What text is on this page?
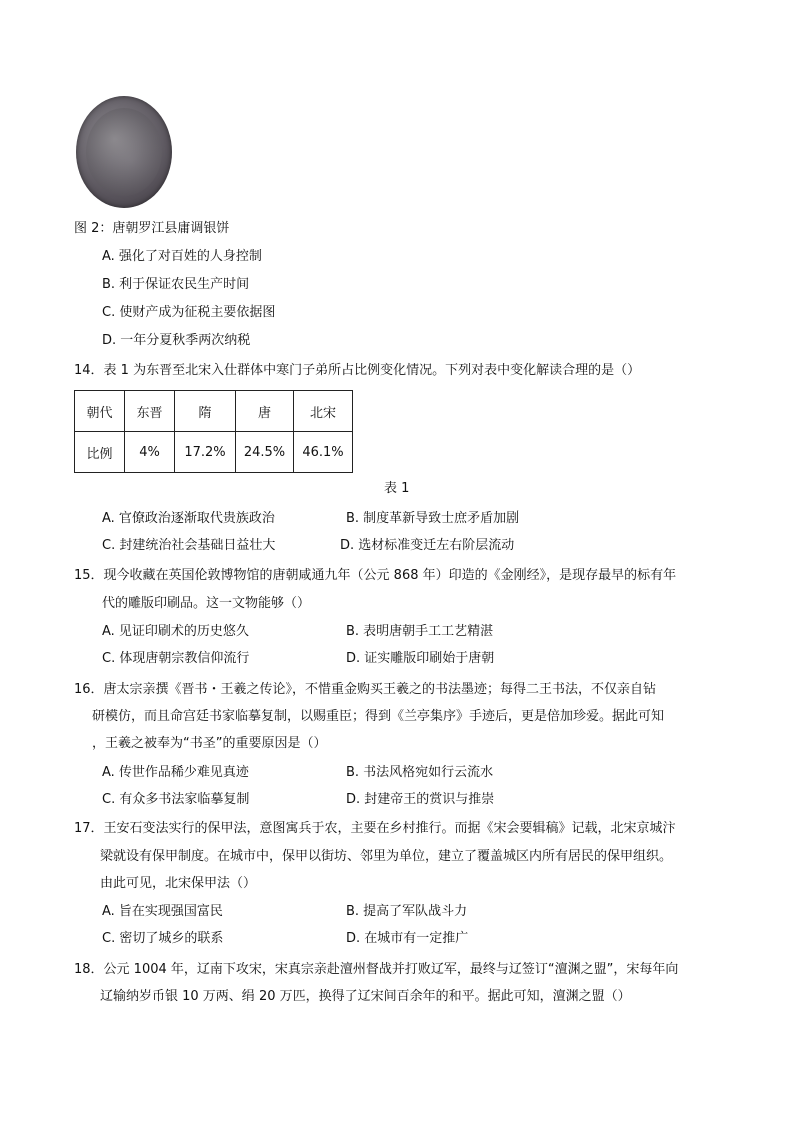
图 2：唐朝罗江县庸调银饼
A. 强化了对百姓的人身控制
B. 利于保证农民生产时间
C. 使财产成为征税主要依据图
D. 一年分夏秋季两次纳税
14．表 1 为东晋至北宋入仕群体中寒门子弟所占比例变化情况。下列对表中变化解读合理的是（）
朝代	东晋	隋	唐	北宋
比例	4%	17.2%	24.5%	46.1%
表 1
A. 官僚政治逐渐取代贵族政治	B. 制度革新导致士庶矛盾加剧
C. 封建统治社会基础日益壮大	D. 选材标准变迁左右阶层流动
15．现今收藏在英国伦敦博物馆的唐朝咸通九年（公元 868 年）印造的《金刚经》，是现存最早的标有年
代的雕版印刷品。这一文物能够（）
A. 见证印刷术的历史悠久	B. 表明唐朝手工工艺精湛
C. 体现唐朝宗教信仰流行	D. 证实雕版印刷始于唐朝
16．唐太宗亲撰《晋书・王羲之传论》，不惜重金购买王羲之的书法墨迹；每得二王书法，不仅亲自钻
研模仿，而且命宫廷书家临摹复制，以赐重臣；得到《兰亭集序》手迹后，更是倍加珍爱。据此可知
，王羲之被奉为“书圣”的重要原因是（）
A. 传世作品稀少难见真迹	B. 书法风格宛如行云流水
C. 有众多书法家临摹复制	D. 封建帝王的赏识与推崇
17．王安石变法实行的保甲法，意图寓兵于农，主要在乡村推行。而据《宋会要辑稿》记载，北宋京城汴
梁就设有保甲制度。在城市中，保甲以街坊、邻里为单位，建立了覆盖城区内所有居民的保甲组织。
由此可见，北宋保甲法（）
A. 旨在实现强国富民	B. 提高了军队战斗力
C. 密切了城乡的联系	D. 在城市有一定推广
18．公元 1004 年，辽南下攻宋，宋真宗亲赴澶州督战并打败辽军，最终与辽签订“澶渊之盟”，宋每年向
辽输纳岁币银 10 万两、绢 20 万匹，换得了辽宋间百余年的和平。据此可知，澶渊之盟（）
